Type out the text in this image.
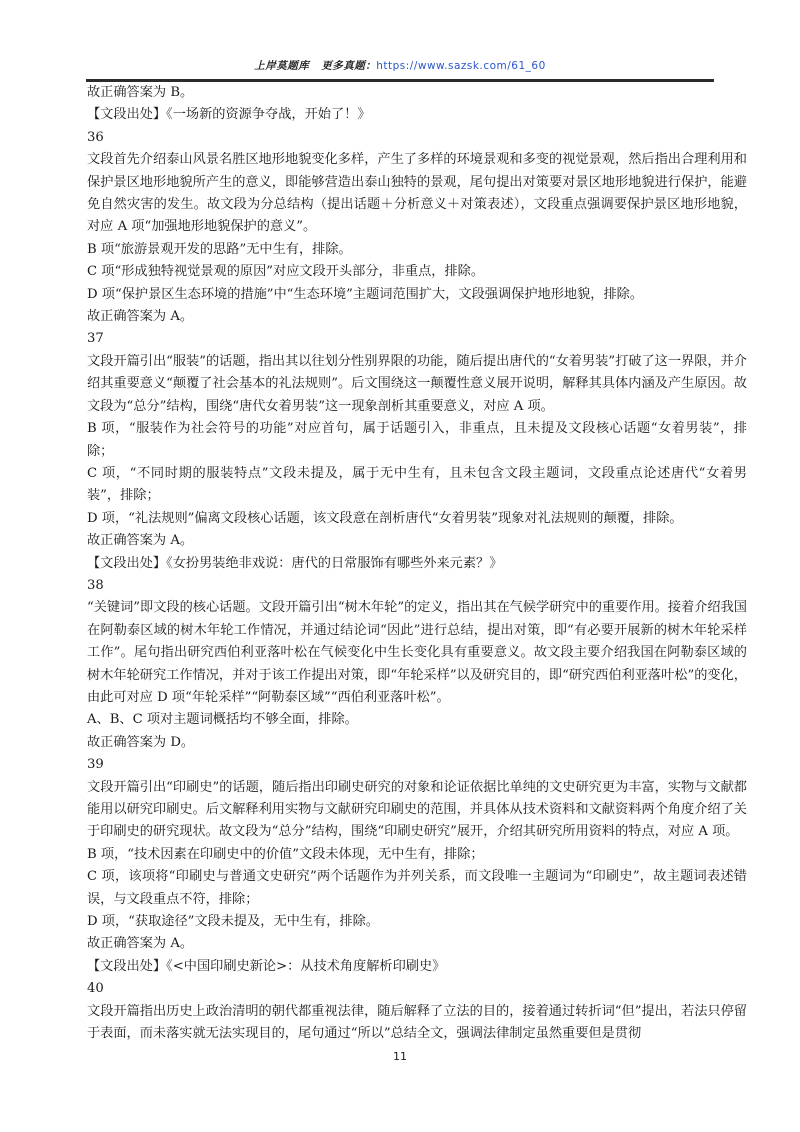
上岸莫题库 更多真题：https://www.sazsk.com/61_60

故正确答案为 B。

【文段出处】《一场新的资源争夺战，开始了！》

36

文段首先介绍泰山风景名胜区地形地貌变化多样，产生了多样的环境景观和多变的视觉景观，然后指出合理利用和保护景区地形地貌所产生的意义，即能够营造出泰山独特的景观，尾句提出对策要对景区地形地貌进行保护，能避免自然灾害的发生。故文段为分总结构（提出话题＋分析意义＋对策表述），文段重点强调要保护景区地形地貌，对应 A 项“加强地形地貌保护的意义”。

B 项“旅游景观开发的思路”无中生有，排除。

C 项“形成独特视觉景观的原因”对应文段开头部分，非重点，排除。

D 项“保护景区生态环境的措施”中“生态环境”主题词范围扩大，文段强调保护地形地貌，排除。

故正确答案为 A。

37

文段开篇引出“服装”的话题，指出其以往划分性别界限的功能，随后提出唐代的“女着男装”打破了这一界限，并介绍其重要意义“颠覆了社会基本的礼法规则”。后文围绕这一颠覆性意义展开说明，解释其具体内涵及产生原因。故文段为“总分”结构，围绕“唐代女着男装”这一现象剖析其重要意义，对应 A 项。

B 项，“服装作为社会符号的功能”对应首句，属于话题引入，非重点，且未提及文段核心话题“女着男装”，排除；

C 项，“不同时期的服装特点”文段未提及，属于无中生有，且未包含文段主题词，文段重点论述唐代“女着男装”，排除；

D 项，“礼法规则”偏离文段核心话题，该文段意在剖析唐代“女着男装”现象对礼法规则的颠覆，排除。

故正确答案为 A。

【文段出处】《女扮男装绝非戏说：唐代的日常服饰有哪些外来元素？》

38

“关键词”即文段的核心话题。文段开篇引出“树木年轮”的定义，指出其在气候学研究中的重要作用。接着介绍我国在阿勒泰区域的树木年轮工作情况，并通过结论词“因此”进行总结，提出对策，即“有必要开展新的树木年轮采样工作”。尾句指出研究西伯利亚落叶松在气候变化中生长变化具有重要意义。故文段主要介绍我国在阿勒泰区域的树木年轮研究工作情况，并对于该工作提出对策，即“年轮采样”以及研究目的，即“研究西伯利亚落叶松”的变化，由此可对应 D 项“年轮采样”“阿勒泰区域”“西伯利亚落叶松”。

A、B、C 项对主题词概括均不够全面，排除。

故正确答案为 D。

39

文段开篇引出“印刷史”的话题，随后指出印刷史研究的对象和论证依据比单纯的文史研究更为丰富，实物与文献都能用以研究印刷史。后文解释利用实物与文献研究印刷史的范围，并具体从技术资料和文献资料两个角度介绍了关于印刷史的研究现状。故文段为“总分”结构，围绕“印刷史研究”展开，介绍其研究所用资料的特点，对应 A 项。

B 项，“技术因素在印刷史中的价值”文段未体现，无中生有，排除；

C 项，该项将“印刷史与普通文史研究”两个话题作为并列关系，而文段唯一主题词为“印刷史”，故主题词表述错误，与文段重点不符，排除；

D 项，“获取途径”文段未提及，无中生有，排除。

故正确答案为 A。

【文段出处】《<中国印刷史新论>：从技术角度解析印刷史》

40

文段开篇指出历史上政治清明的朝代都重视法律，随后解释了立法的目的，接着通过转折词“但”提出，若法只停留于表面，而未落实就无法实现目的，尾句通过“所以”总结全文，强调法律制定虽然重要但是贯彻

11
